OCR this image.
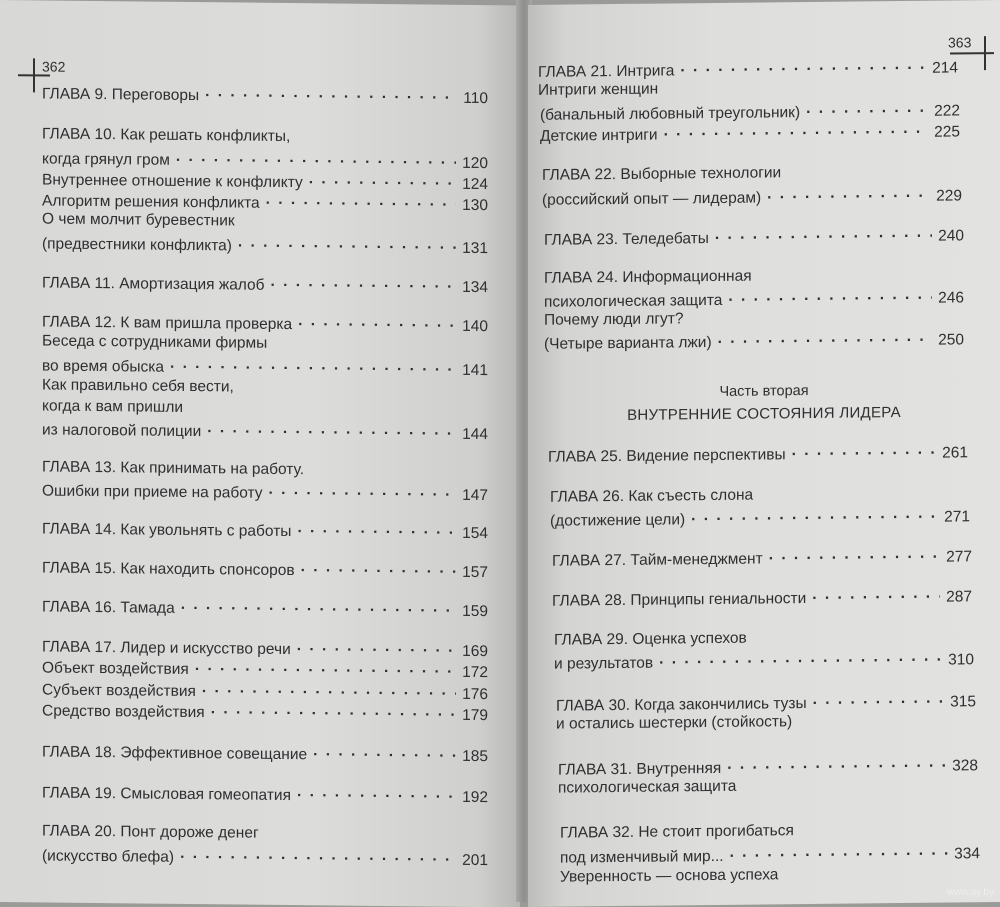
362
ГЛАВА 9. Переговоры . . .	110
ГЛАВА 10. Как решать конфликты,
когда грянул гром . . .	120
Внутреннее отношение к конфликту . . .	124
Алгоритм решения конфликта . . .	130
О чем молчит буревестник
(предвестники конфликта) . . .	131
ГЛАВА 11. Амортизация жалоб . . .	134
ГЛАВА 12. К вам пришла проверка . . .	140
Беседа с сотрудниками фирмы
во время обыска . . .	141
Как правильно себя вести,
когда к вам пришли
из налоговой полиции . . .	144
ГЛАВА 13. Как принимать на работу.
Ошибки при приеме на работу . . .	147
ГЛАВА 14. Как увольнять с работы . . .	154
ГЛАВА 15. Как находить спонсоров . . .	157
ГЛАВА 16. Тамада . . .	159
ГЛАВА 17. Лидер и искусство речи . . .	169
Объект воздействия . . .	172
Субъект воздействия . . .	176
Средство воздействия . . .	179
ГЛАВА 18. Эффективное совещание . . .	185
ГЛАВА 19. Смысловая гомеопатия . . .	192
ГЛАВА 20. Понт дороже денег
(искусство блефа) . . .	201
363
ГЛАВА 21. Интрига . . .	214
Интриги женщин
(банальный любовный треугольник) . . .	222
Детские интриги . . .	225
ГЛАВА 22. Выборные технологии
(российский опыт — лидерам) . . .	229
ГЛАВА 23. Теледебаты . . .	240
ГЛАВА 24. Информационная
психологическая защита . . .	246
Почему люди лгут?
(Четыре варианта лжи) . . .	250
Часть вторая
ВНУТРЕННИЕ СОСТОЯНИЯ ЛИДЕРА
ГЛАВА 25. Видение перспективы . . .	261
ГЛАВА 26. Как съесть слона
(достижение цели) . . .	271
ГЛАВА 27. Тайм-менеджмент . . .	277
ГЛАВА 28. Принципы гениальности . . .	287
ГЛАВА 29. Оценка успехов
и результатов . . .	310
ГЛАВА 30. Когда закончились тузы . . .	315
и остались шестерки (стойкость)
ГЛАВА 31. Внутренняя . . .	328
психологическая защита
ГЛАВА 32. Не стоит прогибаться
под изменчивый мир... . . .	334
Уверенность — основа успеха
www.ay.by
